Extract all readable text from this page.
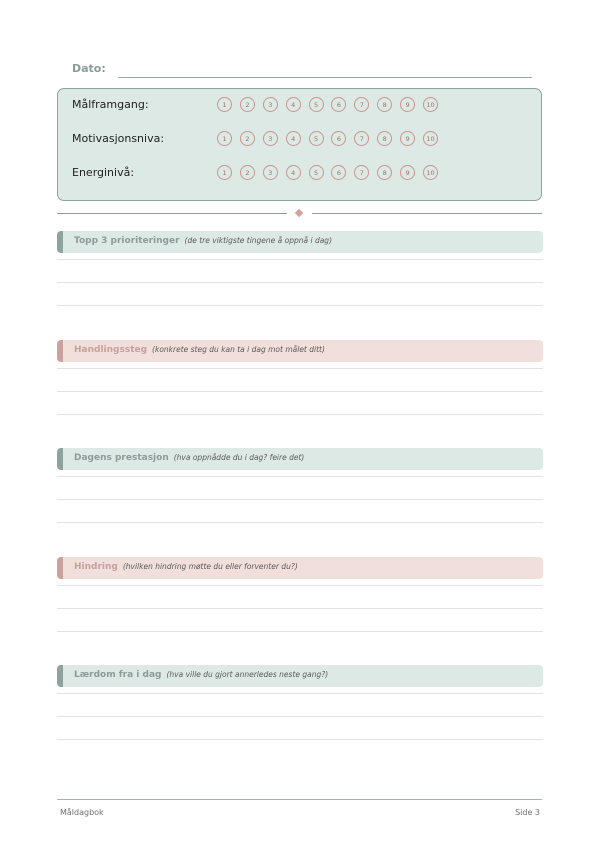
Dato:
Målframgang:	1	2	3	4	5	6	7	8	9	10
Motivasjonsniva:	1	2	3	4	5	6	7	8	9	10
Energinivå:	1	2	3	4	5	6	7	8	9	10
Topp 3 prioriteringer (de tre viktigste tingene å oppnå i dag)
Handlingssteg (konkrete steg du kan ta i dag mot målet ditt)
Dagens prestasjon (hva oppnådde du i dag? feire det)
Hindring (hvilken hindring møtte du eller forventer du?)
Lærdom fra i dag (hva ville du gjort annerledes neste gang?)
Måldagbok	Side 3
